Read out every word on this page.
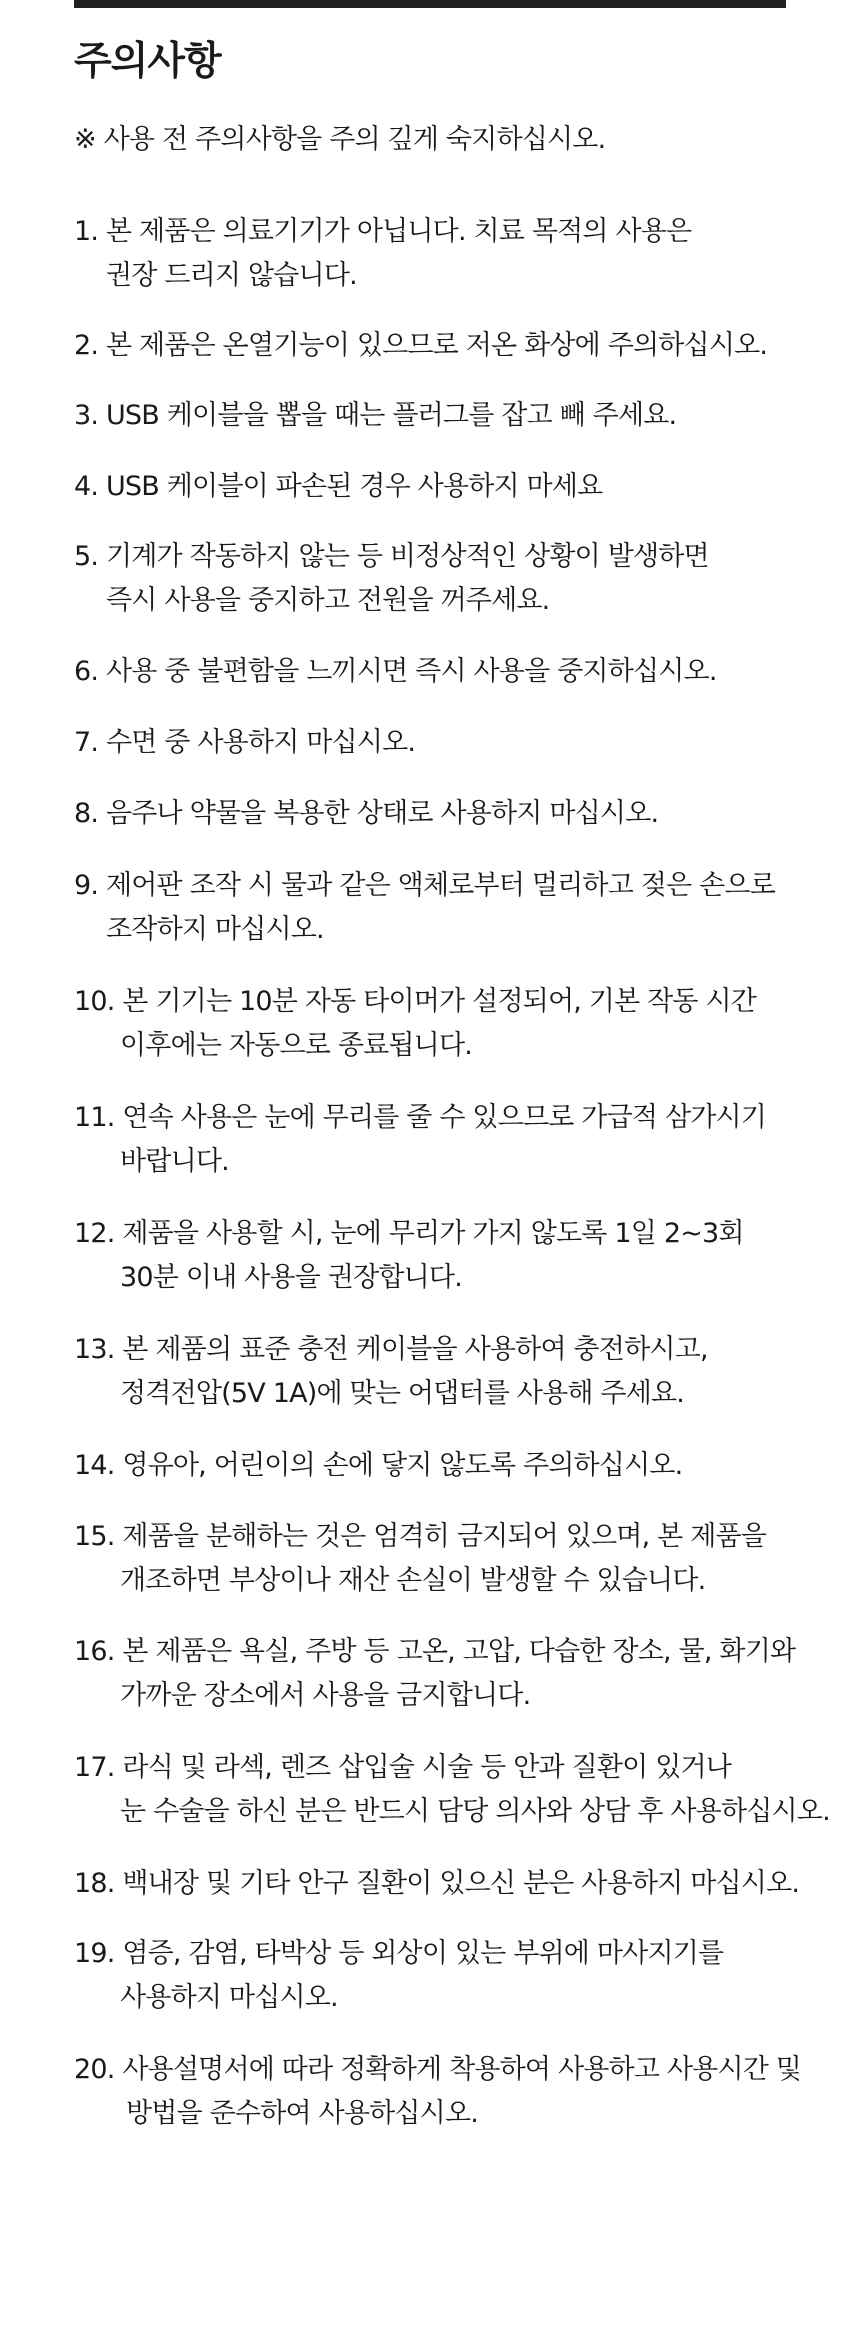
주의사항

※ 사용 전 주의사항을 주의 깊게 숙지하십시오.

1. 본 제품은 의료기기가 아닙니다. 치료 목적의 사용은
권장 드리지 않습니다.
2. 본 제품은 온열기능이 있으므로 저온 화상에 주의하십시오.
3. USB 케이블을 뽑을 때는 플러그를 잡고 빼 주세요.
4. USB 케이블이 파손된 경우 사용하지 마세요
5. 기계가 작동하지 않는 등 비정상적인 상황이 발생하면
즉시 사용을 중지하고 전원을 꺼주세요.
6. 사용 중 불편함을 느끼시면 즉시 사용을 중지하십시오.
7. 수면 중 사용하지 마십시오.
8. 음주나 약물을 복용한 상태로 사용하지 마십시오.
9. 제어판 조작 시 물과 같은 액체로부터 멀리하고 젖은 손으로
조작하지 마십시오.
10. 본 기기는 10분 자동 타이머가 설정되어, 기본 작동 시간
이후에는 자동으로 종료됩니다.
11. 연속 사용은 눈에 무리를 줄 수 있으므로 가급적 삼가시기
바랍니다.
12. 제품을 사용할 시, 눈에 무리가 가지 않도록 1일 2~3회
30분 이내 사용을 권장합니다.
13. 본 제품의 표준 충전 케이블을 사용하여 충전하시고,
정격전압(5V 1A)에 맞는 어댑터를 사용해 주세요.
14. 영유아, 어린이의 손에 닿지 않도록 주의하십시오.
15. 제품을 분해하는 것은 엄격히 금지되어 있으며, 본 제품을
개조하면 부상이나 재산 손실이 발생할 수 있습니다.
16. 본 제품은 욕실, 주방 등 고온, 고압, 다습한 장소, 물, 화기와
가까운 장소에서 사용을 금지합니다.
17. 라식 및 라섹, 렌즈 삽입술 시술 등 안과 질환이 있거나
눈 수술을 하신 분은 반드시 담당 의사와 상담 후 사용하십시오.
18. 백내장 및 기타 안구 질환이 있으신 분은 사용하지 마십시오.
19. 염증, 감염, 타박상 등 외상이 있는 부위에 마사지기를
사용하지 마십시오.
20. 사용설명서에 따라 정확하게 착용하여 사용하고 사용시간 및
방법을 준수하여 사용하십시오.
